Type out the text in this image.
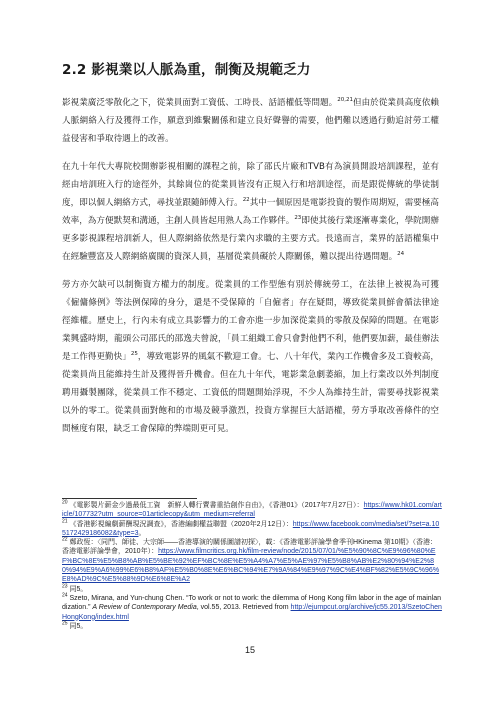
2.2 影視業以人脈為重，制衡及規範乏力

影視業廣泛零散化之下，從業員面對工資低、工時長、話語權低等問題。$^{20,21}$但由於從業員高度依賴人脈網絡入行及獲得工作，願意到維繫關係和建立良好聲譽的需要，他們難以透過行動追討勞工權益侵害和爭取待遇上的改善。

在九十年代大專院校開辦影視相關的課程之前，除了邵氏片廠和TVB有為演員開設培訓課程，並有經由培訓班入行的途徑外，其餘崗位的從業員皆沒有正規入行和培訓途徑，而是跟從傳統的學徒制度，即以個人網絡方式，尋找並跟隨師傅入行。$^{22}$其中一個原因是電影投資的製作周期短，需要極高效率，為方便默契和溝通，主創人員皆起用熟人為工作夥伴。$^{23}$即使其後行業逐漸專業化，學院開辦更多影視課程培訓新人，但人際網絡依然是行業內求職的主要方式。長遠而言，業界的話語權集中在經驗豐富及人際網絡廣闊的資深人員，基層從業員礙於人際關係，難以提出待遇問題。$^{24}$

勞方亦欠缺可以制衡資方權力的制度。從業員的工作型態有別於傳統勞工，在法律上被視為可獲《僱傭條例》等法例保障的身分，還是不受保障的「自僱者」存在疑問，導致從業員鮮會循法律途徑維權。歷史上，行內未有成立具影響力的工會亦進一步加深從業員的零散及保障的問題。在電影業興盛時期，龍頭公司邵氏的邵逸夫曾說，「員工組織工會只會對他們不利，他們要加薪，最佳辦法是工作得更勤快」$^{25}$，導致電影界的風氣不歡迎工會。七、八十年代，業內工作機會多及工資較高，從業員尚且能維持生計及獲得晉升機會。但在九十年代，電影業急劇萎縮，加上行業改以外判制度聘用攝製團隊，從業員工作不穩定、工資低的問題開始浮現，不少人為維持生計，需要尋找影視業以外的零工。從業員面對飽和的市場及競爭激烈，投資方掌握巨大話語權，勞方爭取改善條件的空間極度有限，缺乏工會保障的弊端則更可見。

$^{20}$ 《電影製片薪金少過最低工資　新鮮人轉行賣書重拾創作自由》，《香港01》（2017年7月27日）：https://www.hk01.com/article/107732?utm_source=01articlecopy&utm_medium=referral

$^{21}$ 《香港影視編劇薪酬現況調查》，香港編劇權益聯盟（2020年2月12日）：https://www.facebook.com/media/set/?set=a.105172429186082&type=3。

$^{22}$ 鄭政恆：〈同門、師徒、大宗師——香港導演的關係圖譜初探〉，載：《香港電影評論學會季刊HKinema 第10期》（香港：香港電影評論學會，2010年）：https://www.filmcritics.org.hk/film-review/node/2015/07/01/%E5%90%8C%E9%96%80%EF%BC%8E%E5%B8%AB%E5%BE%92%EF%BC%8E%E5%A4%A7%E5%AE%97%E5%B8%AB%E2%80%94%E2%80%94%E9%A6%99%E6%B8%AF%E5%B0%8E%E6%BC%94%E7%9A%84%E9%97%9C%E4%BF%82%E5%9C%96%E8%AD%9C%E5%88%9D%E6%8E%A2

$^{23}$ 同5。

$^{24}$ Szeto, Mirana, and Yun-chung Chen. “To work or not to work: the dilemma of Hong Kong film labor in the age of mainlandization.” A Review of Contemporary Media, vol.55, 2013. Retrieved from http://ejumpcut.org/archive/jc55.2013/SzetoChenHongKong/index.html

$^{25}$ 同5。

15
